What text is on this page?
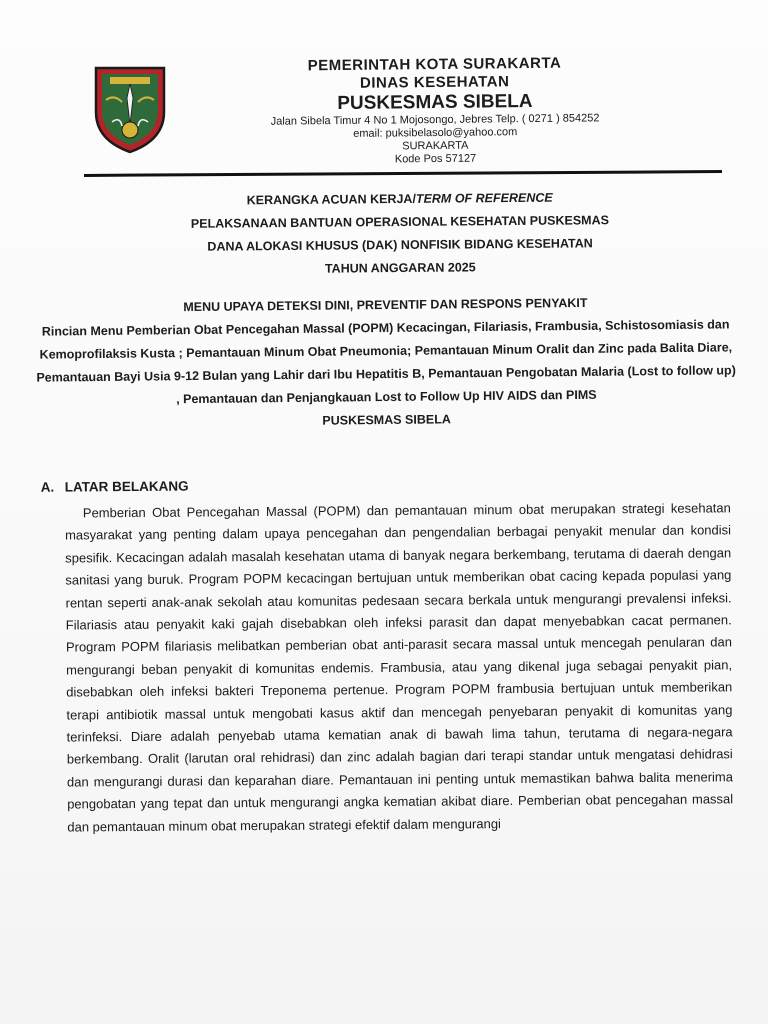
PEMERINTAH KOTA SURAKARTA

DINAS KESEHATAN

PUSKESMAS SIBELA

Jalan Sibela Timur 4 No 1 Mojosongo, Jebres Telp. ( 0271 ) 854252

email: puksibelasolo@yahoo.com

SURAKARTA

Kode Pos 57127

KERANGKA ACUAN KERJA/TERM OF REFERENCE

PELAKSANAAN BANTUAN OPERASIONAL KESEHATAN PUSKESMAS

DANA ALOKASI KHUSUS (DAK) NONFISIK BIDANG KESEHATAN

TAHUN ANGGARAN 2025

MENU UPAYA DETEKSI DINI, PREVENTIF DAN RESPONS PENYAKIT

Rincian Menu Pemberian Obat Pencegahan Massal (POPM) Kecacingan, Filariasis, Frambusia, Schistosomiasis dan Kemoprofilaksis Kusta ; Pemantauan Minum Obat Pneumonia; Pemantauan Minum Oralit dan Zinc pada Balita Diare, Pemantauan Bayi Usia 9-12 Bulan yang Lahir dari Ibu Hepatitis B, Pemantauan Pengobatan Malaria (Lost to follow up) , Pemantauan dan Penjangkauan Lost to Follow Up HIV AIDS dan PIMS

PUSKESMAS SIBELA

A. LATAR BELAKANG

Pemberian Obat Pencegahan Massal (POPM) dan pemantauan minum obat merupakan strategi kesehatan masyarakat yang penting dalam upaya pencegahan dan pengendalian berbagai penyakit menular dan kondisi spesifik. Kecacingan adalah masalah kesehatan utama di banyak negara berkembang, terutama di daerah dengan sanitasi yang buruk. Program POPM kecacingan bertujuan untuk memberikan obat cacing kepada populasi yang rentan seperti anak-anak sekolah atau komunitas pedesaan secara berkala untuk mengurangi prevalensi infeksi. Filariasis atau penyakit kaki gajah disebabkan oleh infeksi parasit dan dapat menyebabkan cacat permanen. Program POPM filariasis melibatkan pemberian obat anti-parasit secara massal untuk mencegah penularan dan mengurangi beban penyakit di komunitas endemis. Frambusia, atau yang dikenal juga sebagai penyakit pian, disebabkan oleh infeksi bakteri Treponema pertenue. Program POPM frambusia bertujuan untuk memberikan terapi antibiotik massal untuk mengobati kasus aktif dan mencegah penyebaran penyakit di komunitas yang terinfeksi. Diare adalah penyebab utama kematian anak di bawah lima tahun, terutama di negara-negara berkembang. Oralit (larutan oral rehidrasi) dan zinc adalah bagian dari terapi standar untuk mengatasi dehidrasi dan mengurangi durasi dan keparahan diare. Pemantauan ini penting untuk memastikan bahwa balita menerima pengobatan yang tepat dan untuk mengurangi angka kematian akibat diare. Pemberian obat pencegahan massal dan pemantauan minum obat merupakan strategi efektif dalam mengurangi
